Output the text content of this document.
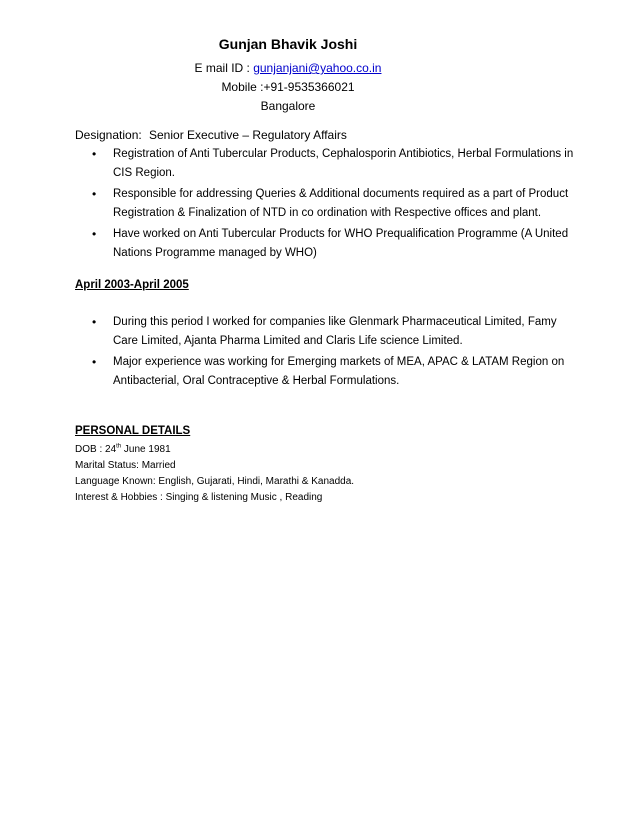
Gunjan Bhavik Joshi
E mail ID : gunjanjani@yahoo.co.in
Mobile :+91-9535366021
Bangalore
Designation: Senior Executive – Regulatory Affairs
• Registration of Anti Tubercular Products, Cephalosporin Antibiotics, Herbal Formulations in CIS Region.
• Responsible for addressing Queries & Additional documents required as a part of Product Registration & Finalization of NTD in co ordination with Respective offices and plant.
• Have worked on Anti Tubercular Products for WHO Prequalification Programme (A United Nations Programme managed by WHO)
April 2003-April 2005
• During this period I worked for companies like Glenmark Pharmaceutical Limited, Famy Care Limited, Ajanta Pharma Limited and Claris Life science Limited.
• Major experience was working for Emerging markets of MEA, APAC & LATAM Region on Antibacterial, Oral Contraceptive & Herbal Formulations.
PERSONAL DETAILS
DOB : 24th June 1981
Marital Status: Married
Language Known: English, Gujarati, Hindi, Marathi & Kanadda.
Interest & Hobbies : Singing & listening Music , Reading
